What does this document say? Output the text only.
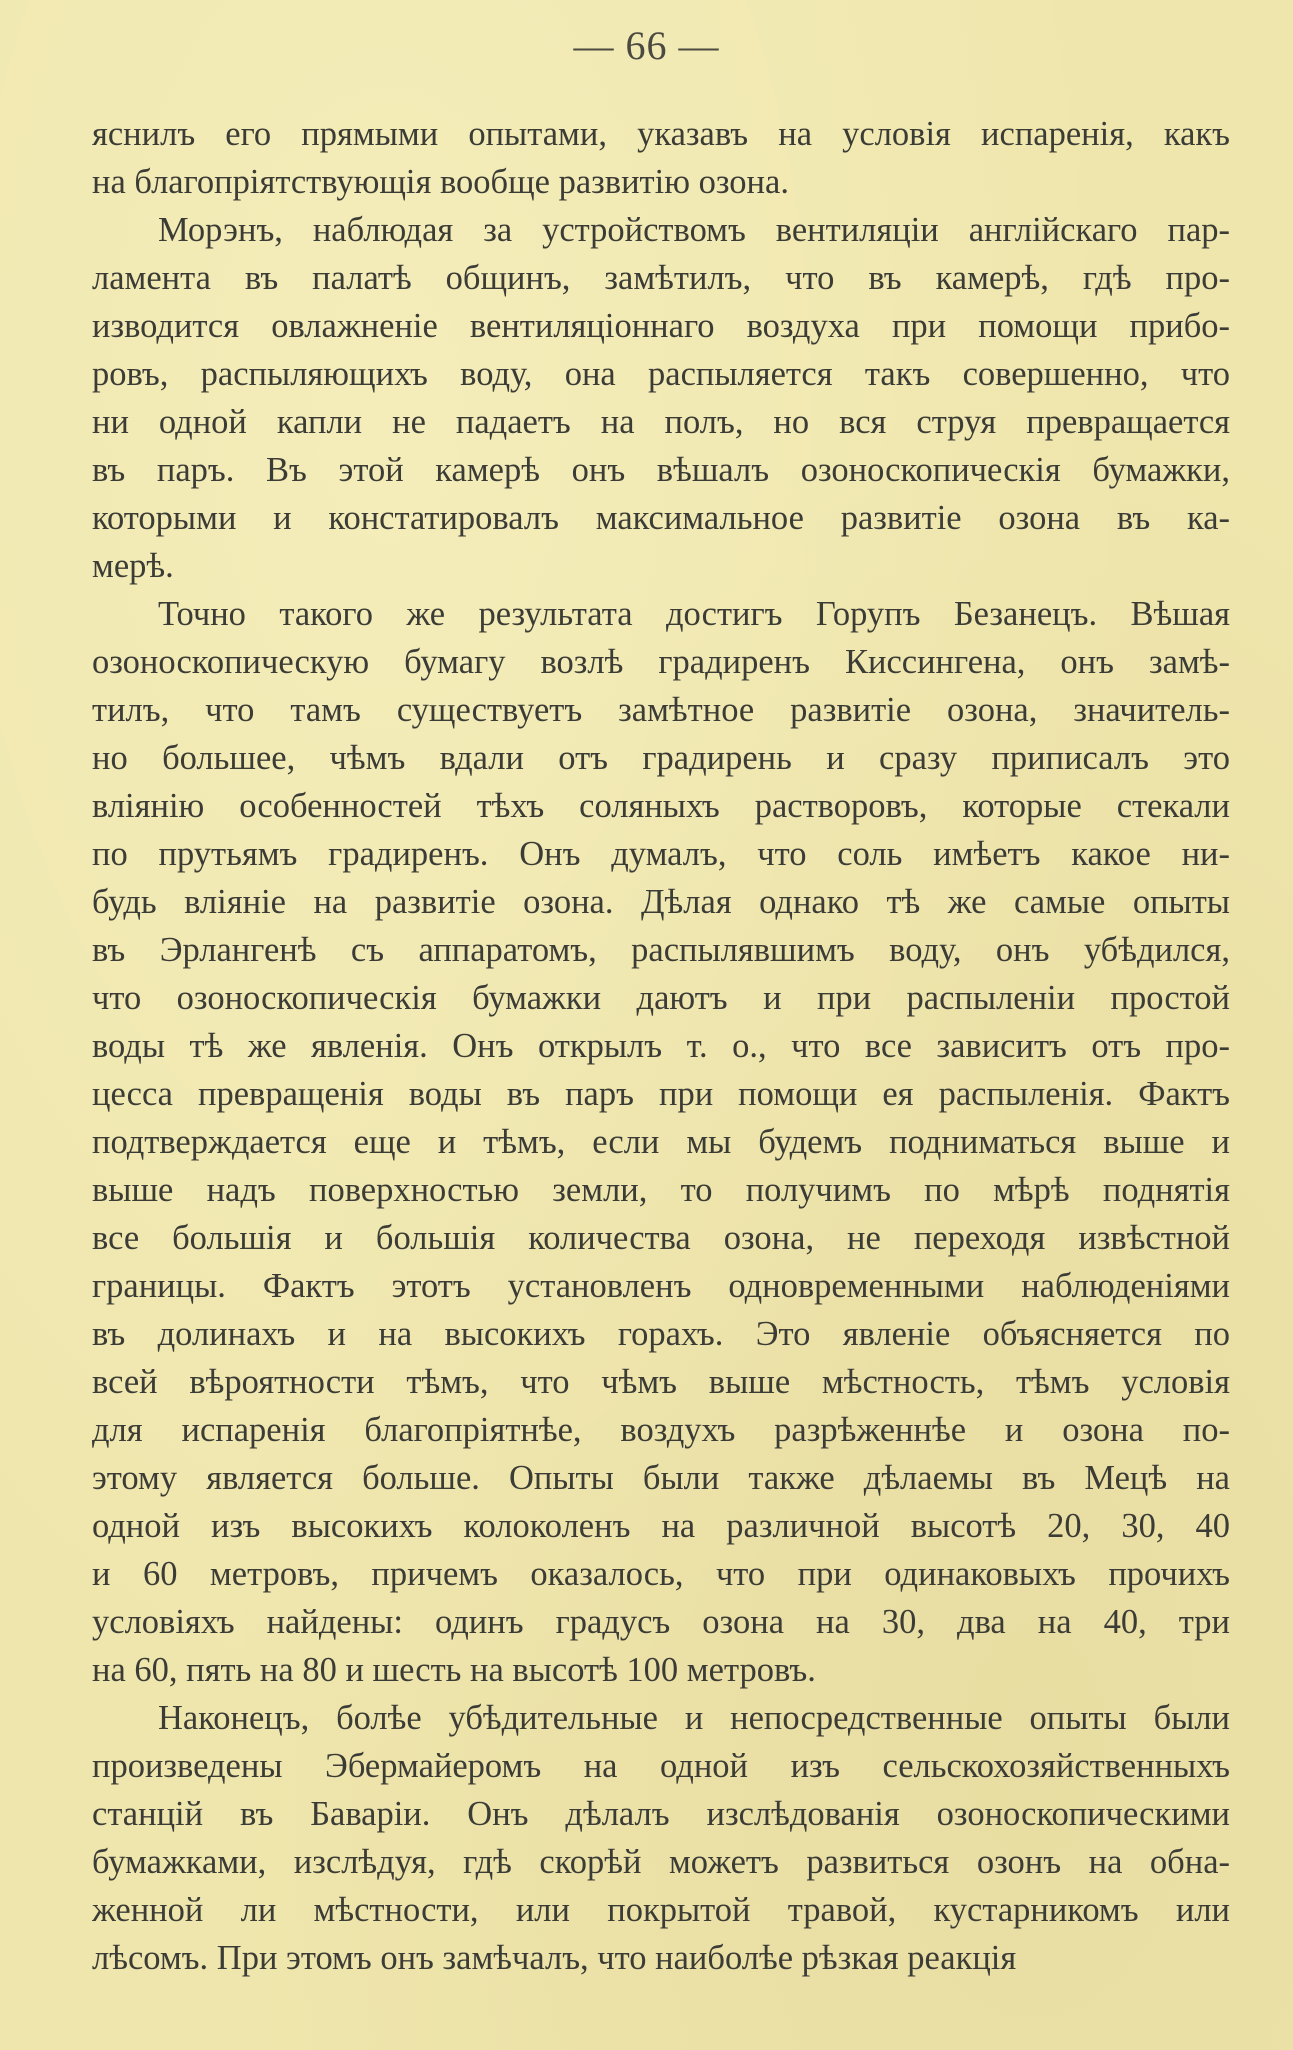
— 66 —
яснилъ его прямыми опытами, указавъ на условія испаренія, какъ
на благопріятствующія вообще развитію озона.
Морэнъ, наблюдая за устройствомъ вентиляціи англійскаго пар-
ламента въ палатѣ общинъ, замѣтилъ, что въ камерѣ, гдѣ про-
изводится овлажненіе вентиляціоннаго воздуха при помощи прибо-
ровъ, распыляющихъ воду, она распыляется такъ совершенно, что
ни одной капли не падаетъ на полъ, но вся струя превращается
въ паръ. Въ этой камерѣ онъ вѣшалъ озоноскопическія бумажки,
которыми и констатировалъ максимальное развитіе озона въ ка-
мерѣ.
Точно такого же результата достигъ Горупъ Безанецъ. Вѣшая
озоноскопическую бумагу возлѣ градиренъ Киссингена, онъ замѣ-
тилъ, что тамъ существуетъ замѣтное развитіе озона, значитель-
но большее, чѣмъ вдали отъ градирень и сразу приписалъ это
вліянію особенностей тѣхъ соляныхъ растворовъ, которые стекали
по прутьямъ градиренъ. Онъ думалъ, что соль имѣетъ какое ни-
будь вліяніе на развитіе озона. Дѣлая однако тѣ же самые опыты
въ Эрлангенѣ съ аппаратомъ, распылявшимъ воду, онъ убѣдился,
что озоноскопическія бумажки даютъ и при распыленіи простой
воды тѣ же явленія. Онъ открылъ т. о., что все зависитъ отъ про-
цесса превращенія воды въ паръ при помощи ея распыленія. Фактъ
подтверждается еще и тѣмъ, если мы будемъ подниматься выше и
выше надъ поверхностью земли, то получимъ по мѣрѣ поднятія
все большія и большія количества озона, не переходя извѣстной
границы. Фактъ этотъ установленъ одновременными наблюденіями
въ долинахъ и на высокихъ горахъ. Это явленіе объясняется по
всей вѣроятности тѣмъ, что чѣмъ выше мѣстность, тѣмъ условія
для испаренія благопріятнѣе, воздухъ разрѣженнѣе и озона по-
этому является больше. Опыты были также дѣлаемы въ Мецѣ на
одной изъ высокихъ колоколенъ на различной высотѣ 20, 30, 40
и 60 метровъ, причемъ оказалось, что при одинаковыхъ прочихъ
условіяхъ найдены: одинъ градусъ озона на 30, два на 40, три
на 60, пять на 80 и шесть на высотѣ 100 метровъ.
Наконецъ, болѣе убѣдительные и непосредственные опыты были
произведены Эбермайеромъ на одной изъ сельскохозяйственныхъ
станцій въ Баваріи. Онъ дѣлалъ изслѣдованія озоноскопическими
бумажками, изслѣдуя, гдѣ скорѣй можетъ развиться озонъ на обна-
женной ли мѣстности, или покрытой травой, кустарникомъ или
лѣсомъ. При этомъ онъ замѣчалъ, что наиболѣе рѣзкая реакція
